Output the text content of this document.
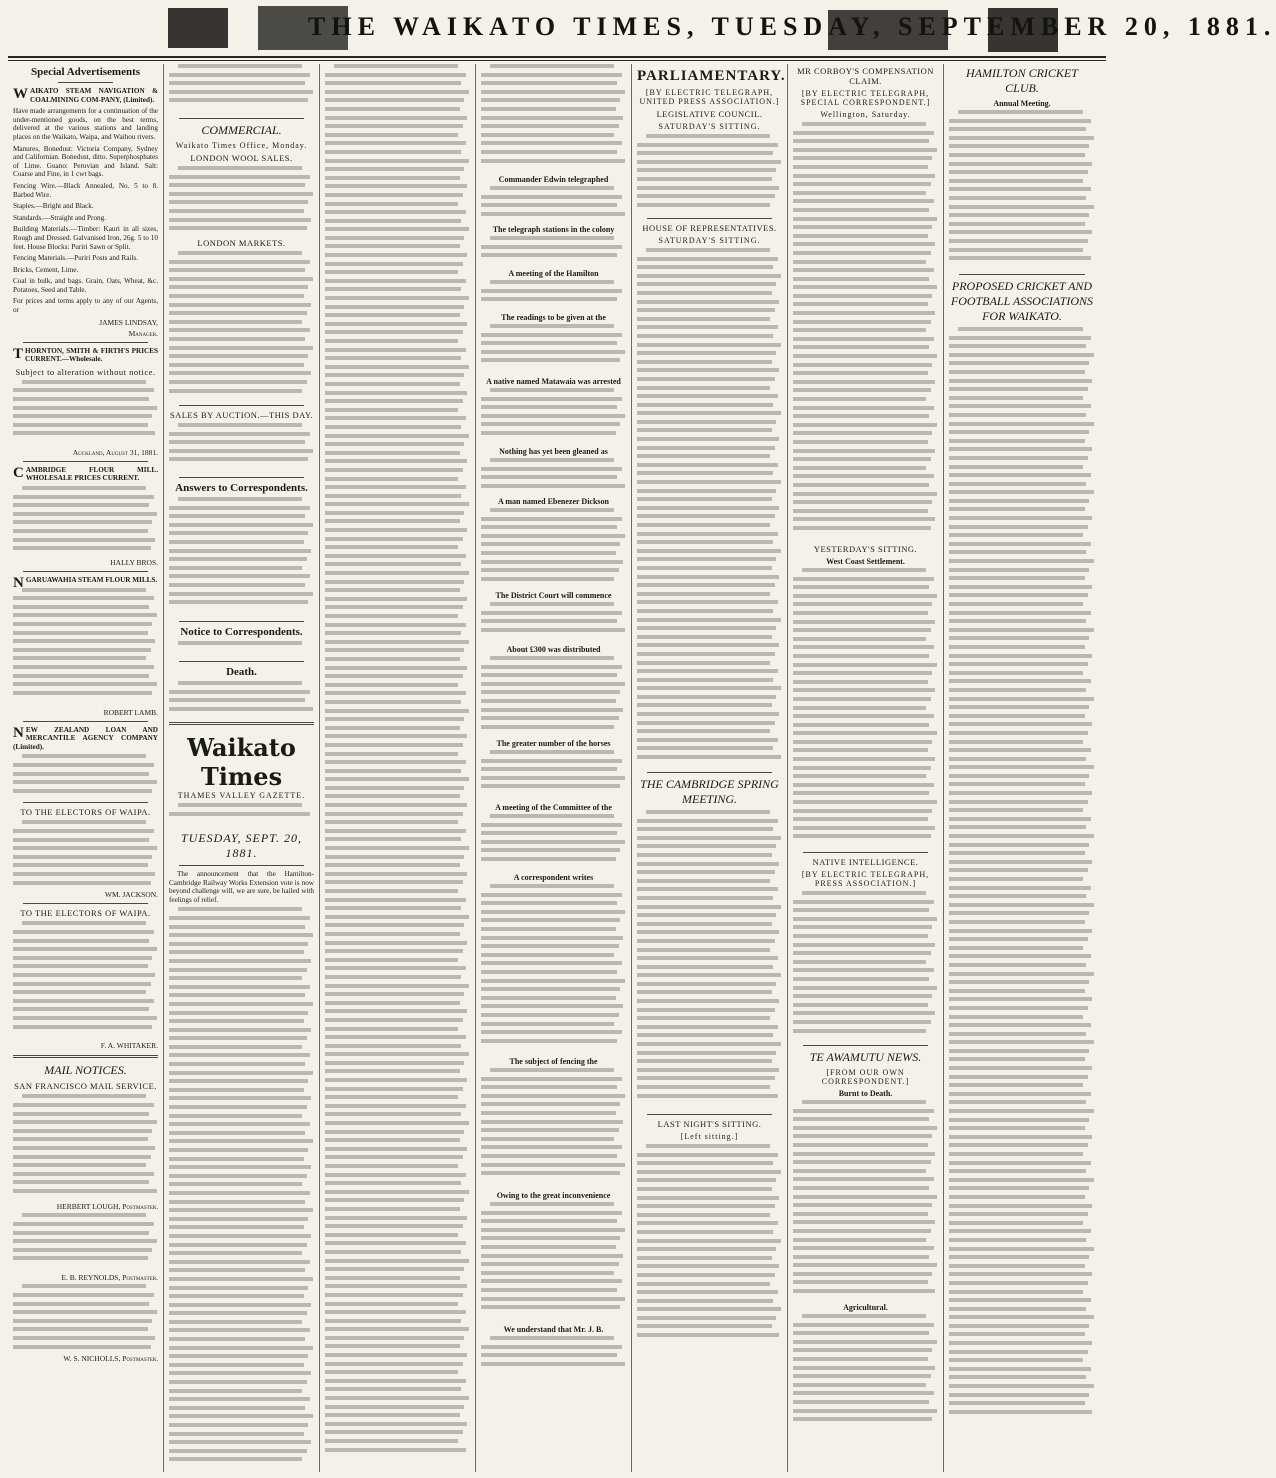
THE WAIKATO TIMES, TUESDAY, SEPTEMBER 20, 1881.
Special Advertisements
W AIKATO STEAM NAVIGATION & COALMINING COM-PANY, (Limited).
Have made arrangements for a continuation of the under-mentioned goods, on the best terms, delivered at the various stations and landing places on the Waikato, Waipa, and Waihou rivers.
Manures, Bonedust: Victoria Company, Sydney and Californian. Bonedust, ditto. Superphosphates of Lime. Guano: Peruvian and Island. Salt: Coarse and Fine, in 1 cwt bags.
Fencing Wire.—Black Annealed, No. 5 to 8. Barbed Wire.
Staples.—Bright and Black.
Standards.—Straight and Prong.
Building Materials.—Timber: Kauri in all sizes, Rough and Dressed. Galvanised Iron, 26g. 5 to 10 feet. House Blocks: Puriri Sawn or Split.
Fencing Materials.—Puriri Posts and Rails.
Bricks, Cement, Lime.
Coal in bulk, and bags. Grain, Oats, Wheat, &c. Potatoes, Seed and Table.
For prices and terms apply to any of our Agents, or
JAMES LINDSAY,
Manager.
T HORNTON, SMITH & FIRTH'S PRICES CURRENT.—Wholesale.
Subject to alteration without notice.
Auckland, August 31, 1881.
C AMBRIDGE FLOUR MILL. WHOLESALE PRICES CURRENT.
HALLY BROS.
N GARUAWAHIA STEAM FLOUR MILLS.
ROBERT LAMB.
N EW ZEALAND LOAN AND MERCANTILE AGENCY COMPANY (Limited).
TO THE ELECTORS OF WAIPA.
WM. JACKSON.
TO THE ELECTORS OF WAIPA.
F. A. WHITAKER.
MAIL NOTICES.
SAN FRANCISCO MAIL SERVICE.
HERBERT LOUGH, Postmaster.
E. B. REYNOLDS, Postmaster.
W. S. NICHOLLS, Postmaster.
COMMERCIAL.
Waikato Times Office, Monday.
LONDON WOOL SALES.
LONDON MARKETS.
SALES BY AUCTION.—THIS DAY.
Answers to Correspondents.
Notice to Correspondents.
Death.
Waikato Times
THAMES VALLEY GAZETTE.
TUESDAY, SEPT. 20, 1881.
The announcement that the Hamilton-Cambridge Railway Works Extension vote is now beyond challenge will, we are sure, be hailed with feelings of relief.
Commander Edwin telegraphed
The telegraph stations in the colony
A meeting of the Hamilton
The readings to be given at the
A native named Matawaia was arrested
Nothing has yet been gleaned as
A man named Ebenezer Dickson
The District Court will commence
About £300 was distributed
The greater number of the horses
A meeting of the Committee of the
A correspondent writes
The subject of fencing the
Owing to the great inconvenience
We understand that Mr. J. B.
PARLIAMENTARY.
[BY ELECTRIC TELEGRAPH, UNITED PRESS ASSOCIATION.]
LEGISLATIVE COUNCIL.
SATURDAY'S SITTING.
HOUSE OF REPRESENTATIVES.
SATURDAY'S SITTING.
THE CAMBRIDGE SPRING MEETING.
LAST NIGHT'S SITTING.
[Left sitting.]
MR CORBOY'S COMPENSATION CLAIM.
[BY ELECTRIC TELEGRAPH, SPECIAL CORRESPONDENT.]
Wellington, Saturday.
YESTERDAY'S SITTING.
West Coast Settlement.
NATIVE INTELLIGENCE.
[BY ELECTRIC TELEGRAPH, PRESS ASSOCIATION.]
TE AWAMUTU NEWS.
[FROM OUR OWN CORRESPONDENT.]
Burnt to Death.
Agricultural.
HAMILTON CRICKET CLUB.
Annual Meeting.
PROPOSED CRICKET AND FOOTBALL ASSOCIATIONS FOR WAIKATO.
